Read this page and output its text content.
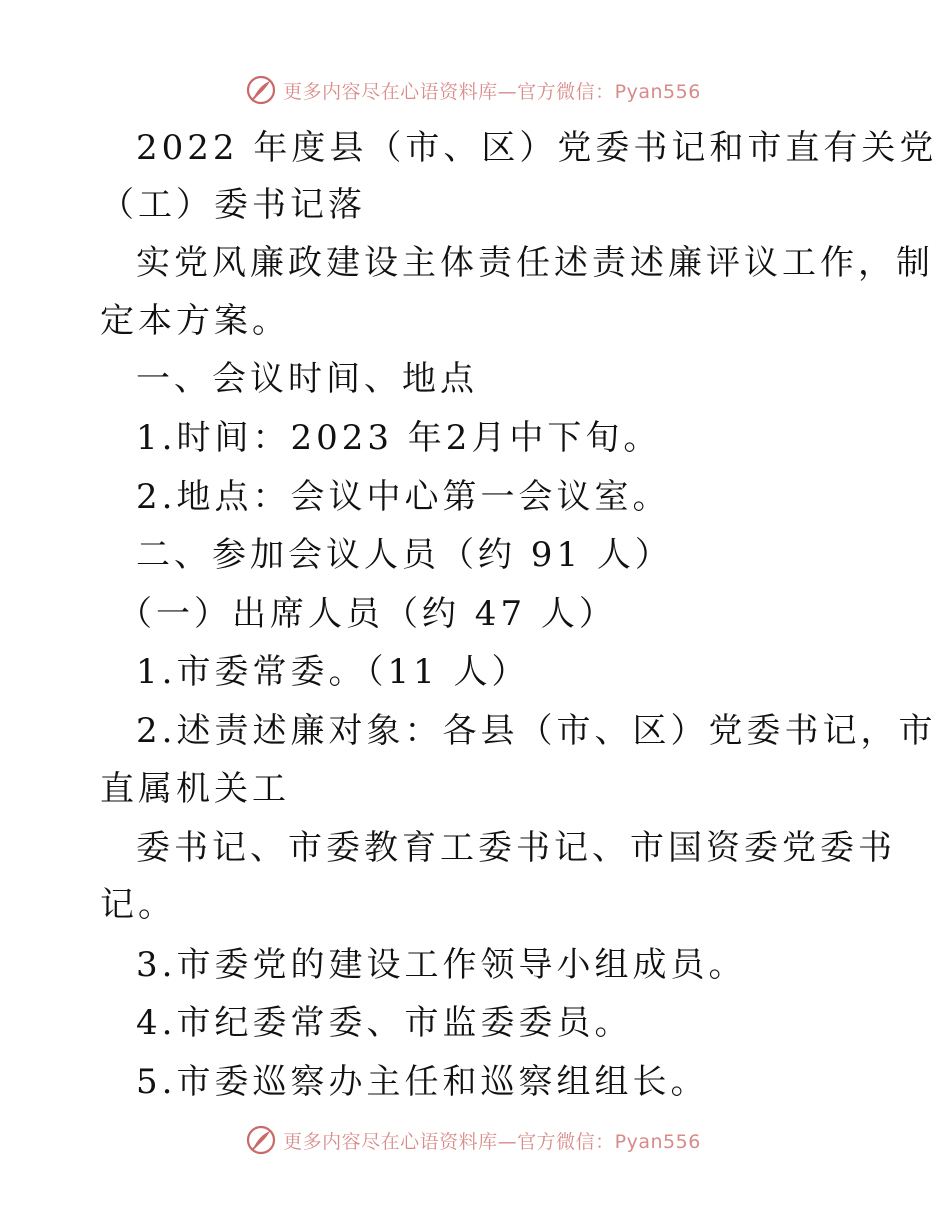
更多内容尽在心语资料库—官方微信：Pyan556
2022 年度县（市、区）党委书记和市直有关党
（工）委书记落
实党风廉政建设主体责任述责述廉评议工作，制
定本方案。
一、会议时间、地点
1.时间：2023 年2月中下旬。
2.地点：会议中心第一会议室。
二、参加会议人员（约 91 人）
（一）出席人员（约 47 人）
1.市委常委。（11 人）
2.述责述廉对象：各县（市、区）党委书记，市
直属机关工
委书记、市委教育工委书记、市国资委党委书
记。
3.市委党的建设工作领导小组成员。
4.市纪委常委、市监委委员。
5.市委巡察办主任和巡察组组长。
更多内容尽在心语资料库—官方微信：Pyan556
